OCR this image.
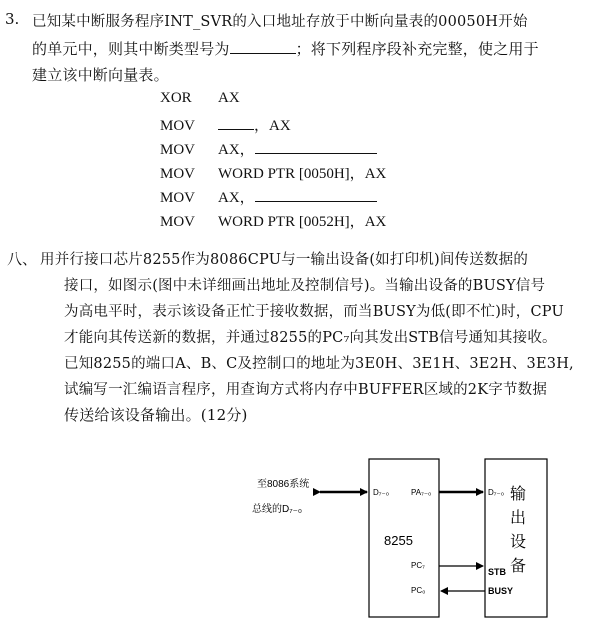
3. 已知某中断服务程序INT_SVR的入口地址存放于中断向量表的00050H开始
的单元中，则其中断类型号为	；将下列程序段补充完整，使之用于
建立该中断向量表。
XOR AX
MOV	，AX
MOV AX，
MOV WORD PTR [0050H]，AX
MOV AX，
MOV WORD PTR [0052H]，AX
八、 用并行接口芯片8255作为8086CPU与一输出设备(如打印机)间传送数据的
接口，如图示(图中未详细画出地址及控制信号)。当输出设备的BUSY信号
为高电平时，表示该设备正忙于接收数据，而当BUSY为低(即不忙)时，CPU
才能向其传送新的数据，并通过8255的PC₇向其发出STB信号通知其接收。
已知8255的端口A、B、C及控制口的地址为3E0H、3E1H、3E2H、3E3H,
试编写一汇编语言程序，用查询方式将内存中BUFFER区域的2K字节数据
传送给该设备输出。(12分)
至8086系统
总线的D₇₋₀
D₇₋₀	PA₇₋₀
8255
PC₇
PC₀
D₇₋₀ 输
出
设
备
STB
BUSY
